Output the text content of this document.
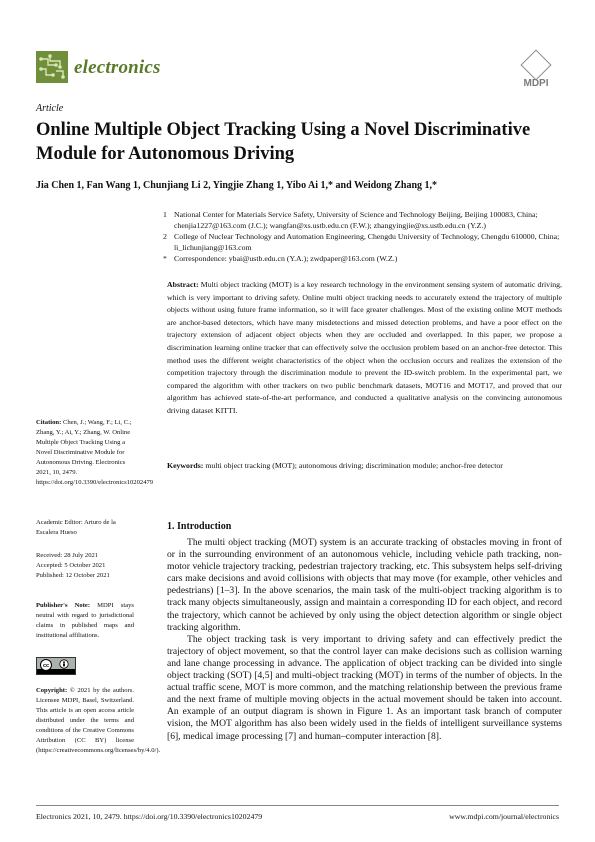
electronics
MDPI
Article
Online Multiple Object Tracking Using a Novel Discriminative Module for Autonomous Driving
Jia Chen 1, Fan Wang 1, Chunjiang Li 2, Yingjie Zhang 1, Yibo Ai 1,* and Weidong Zhang 1,*
1 National Center for Materials Service Safety, University of Science and Technology Beijing, Beijing 100083, China; chenjia1227@163.com (J.C.); wangfan@xs.ustb.edu.cn (F.W.); zhangyingjie@xs.ustb.edu.cn (Y.Z.)
2 College of Nuclear Technology and Automation Engineering, Chengdu University of Technology, Chengdu 610000, China; li_lichunjiang@163.com
* Correspondence: ybai@ustb.edu.cn (Y.A.); zwdpaper@163.com (W.Z.)
Abstract: Multi object tracking (MOT) is a key research technology in the environment sensing system of automatic driving, which is very important to driving safety. Online multi object tracking needs to accurately extend the trajectory of multiple objects without using future frame information, so it will face greater challenges. Most of the existing online MOT methods are anchor-based detectors, which have many misdetections and missed detection problems, and have a poor effect on the trajectory extension of adjacent object objects when they are occluded and overlapped. In this paper, we propose a discrimination learning online tracker that can effectively solve the occlusion problem based on an anchor-free detector. This method uses the different weight characteristics of the object when the occlusion occurs and realizes the extension of the competition trajectory through the discrimination module to prevent the ID-switch problem. In the experimental part, we compared the algorithm with other trackers on two public benchmark datasets, MOT16 and MOT17, and proved that our algorithm has achieved state-of-the-art performance, and conducted a qualitative analysis on the convincing autonomous driving dataset KITTI.
Keywords: multi object tracking (MOT); autonomous driving; discrimination module; anchor-free detector
Citation: Chen, J.; Wang, F.; Li, C.; Zhang, Y.; Ai, Y.; Zhang, W. Online Multiple Object Tracking Using a Novel Discriminative Module for Autonomous Driving. Electronics 2021, 10, 2479. https://doi.org/10.3390/electronics10202479
Academic Editor: Arturo de la Escalera Hueso
Received: 28 July 2021
Accepted: 5 October 2021
Published: 12 October 2021
Publisher's Note: MDPI stays neutral with regard to jurisdictional claims in published maps and institutional affiliations.
cc
Copyright: © 2021 by the authors. Licensee MDPI, Basel, Switzerland. This article is an open access article distributed under the terms and conditions of the Creative Commons Attribution (CC BY) license (https://creativecommons.org/licenses/by/4.0/).
1. Introduction

The multi object tracking (MOT) system is an accurate tracking of obstacles moving in front of or in the surrounding environment of an autonomous vehicle, including vehicle path tracking, non-motor vehicle trajectory tracking, pedestrian trajectory tracking, etc. This subsystem helps self-driving cars make decisions and avoid collisions with objects that may move (for example, other vehicles and pedestrians) [1–3]. In the above scenarios, the main task of the multi-object tracking algorithm is to track many objects simultaneously, assign and maintain a corresponding ID for each object, and record the trajectory, which cannot be achieved by only using the object detection algorithm or single object tracking algorithm.

The object tracking task is very important to driving safety and can effectively predict the trajectory of object movement, so that the control layer can make decisions such as collision warning and lane change processing in advance. The application of object tracking can be divided into single object tracking (SOT) [4,5] and multi-object tracking (MOT) in terms of the number of objects. In the actual traffic scene, MOT is more common, and the matching relationship between the previous frame and the next frame of multiple moving objects in the actual movement should be taken into account. An example of an output diagram is shown in Figure 1. As an important task branch of computer vision, the MOT algorithm has also been widely used in the fields of intelligent surveillance systems [6], medical image processing [7] and human–computer interaction [8].

Electronics 2021, 10, 2479. https://doi.org/10.3390/electronics10202479	www.mdpi.com/journal/electronics
